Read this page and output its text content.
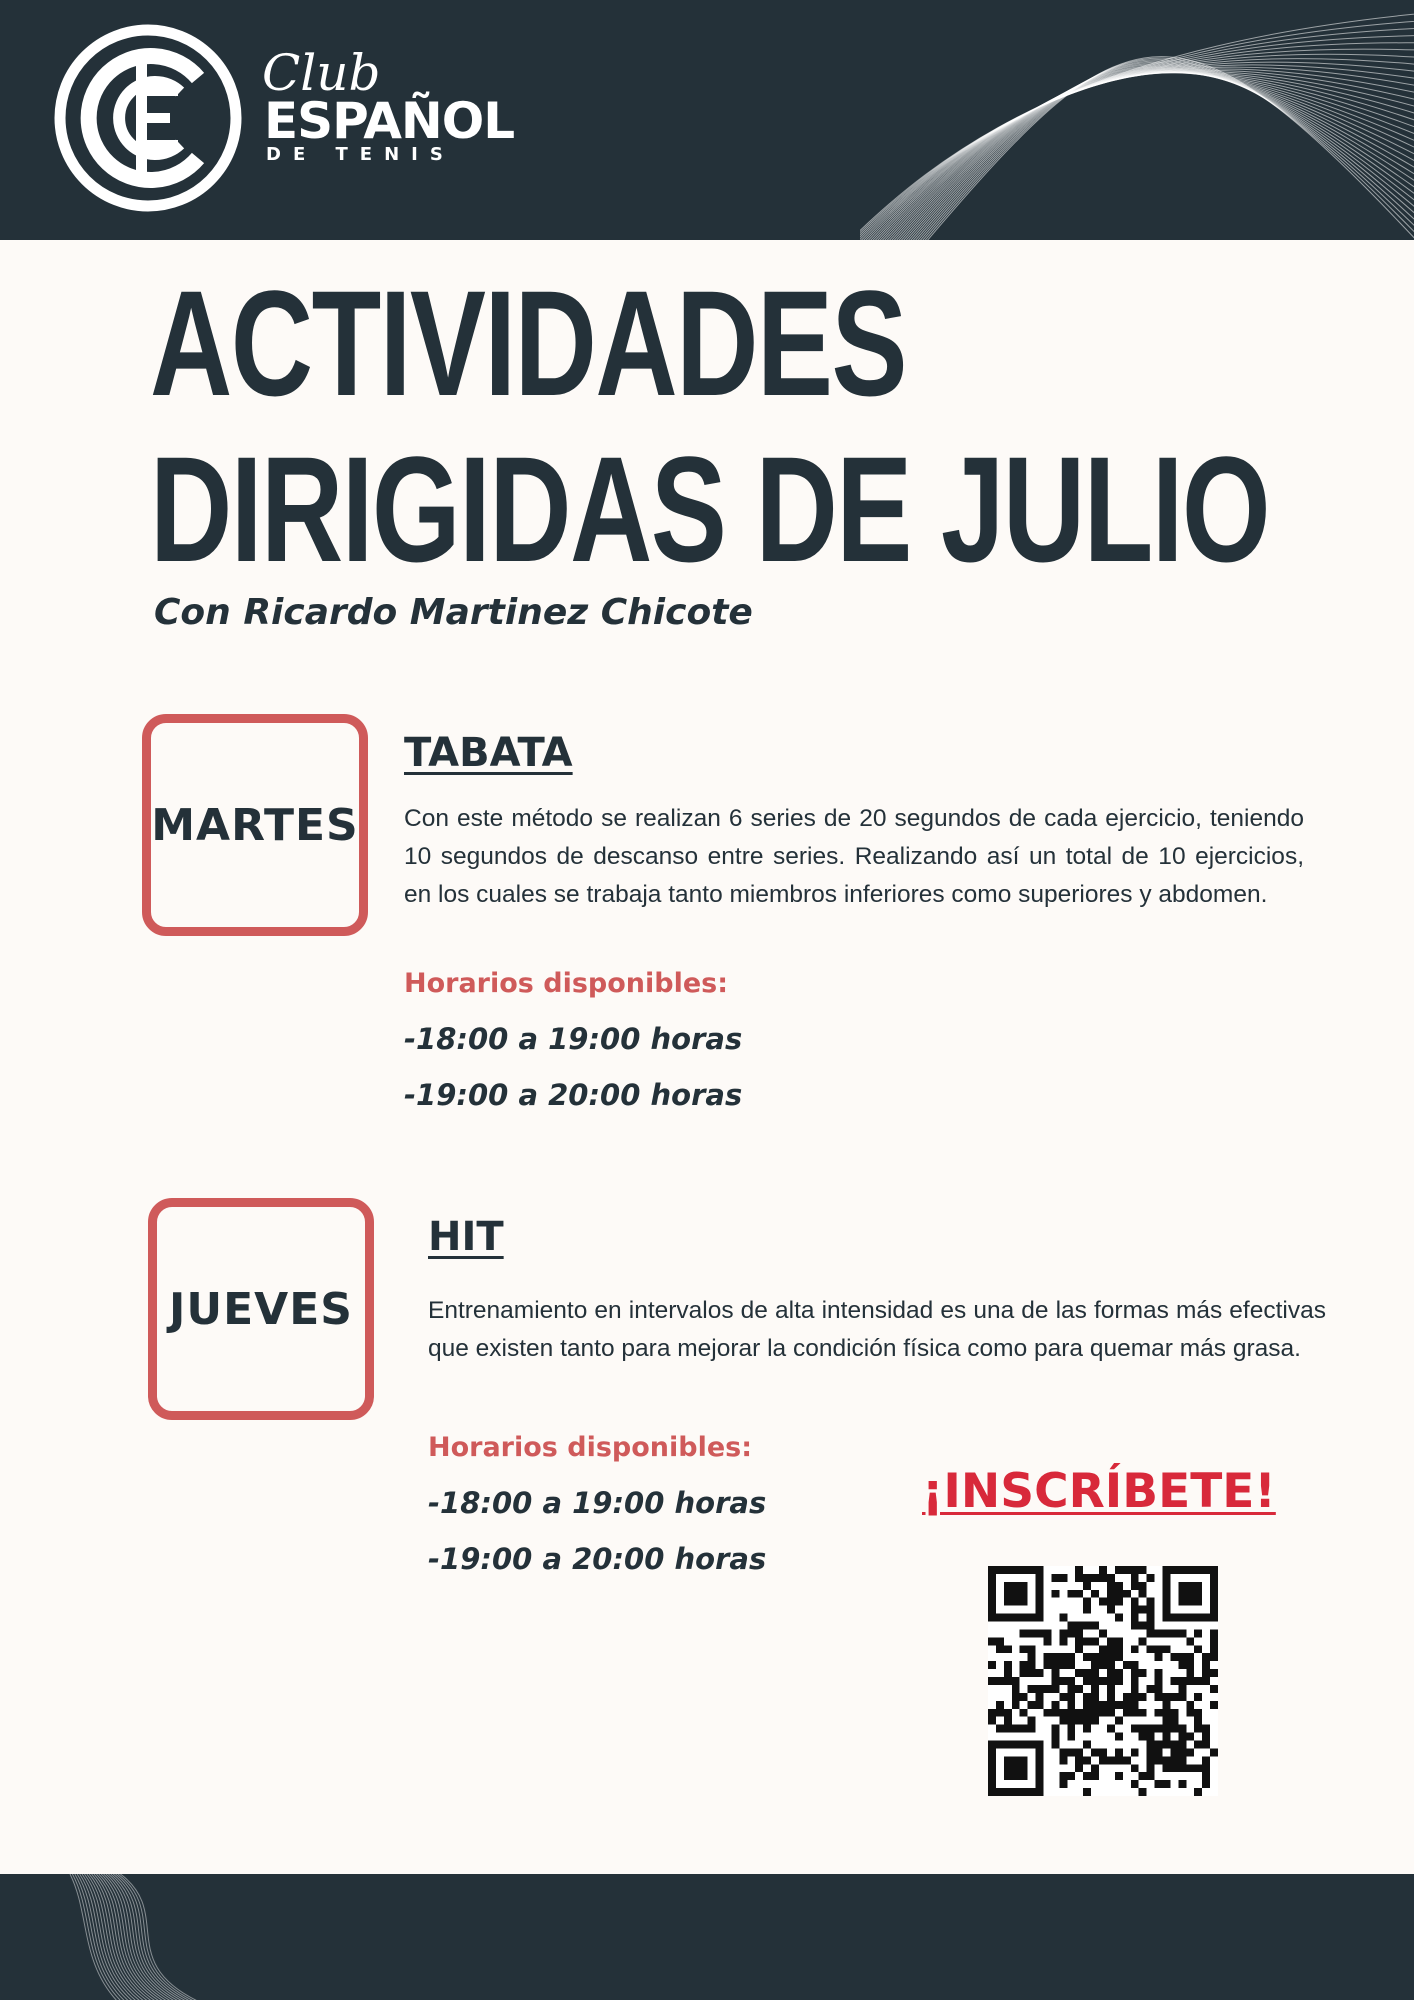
Club
ESPAÑOL
DE TENIS
ACTIVIDADES
DIRIGIDAS DE JULIO
Con Ricardo Martinez Chicote
MARTES
TABATA
Con este método se realizan 6 series de 20 segundos de cada ejercicio, teniendo 10 segundos de descanso entre series. Realizando así un total de 10 ejercicios, en los cuales se trabaja tanto miembros inferiores como superiores y abdomen.
Horarios disponibles:
-18:00 a 19:00 horas
-19:00 a 20:00 horas
JUEVES
HIT
Entrenamiento en intervalos de alta intensidad es una de las formas más efectivas que existen tanto para mejorar la condición física como para quemar más grasa.
Horarios disponibles:
-18:00 a 19:00 horas
-19:00 a 20:00 horas
¡INSCRÍBETE!
